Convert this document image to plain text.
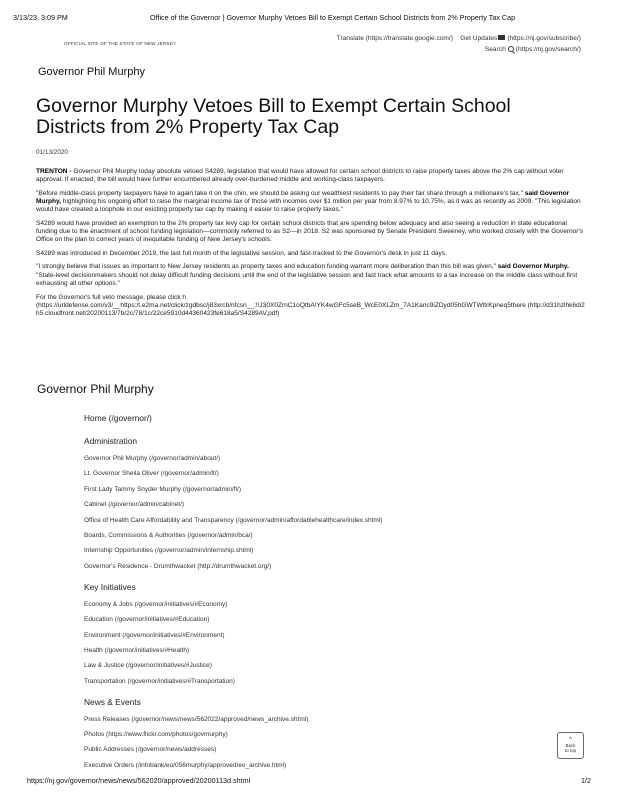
3/13/23, 3:09 PM	Office of the Governor | Governor Murphy Vetoes Bill to Exempt Certain School Districts from 2% Property Tax Cap
OFFICIAL SITE OF THE STATE OF NEW JERSEY
Translate (https://translate.google.com/) Get Updates (https://nj.gov/subscribe/)
Search (https://nj.gov/search/)
Governor Phil Murphy
Governor Murphy Vetoes Bill to Exempt Certain School Districts from 2% Property Tax Cap
01/13/2020

TRENTON - Governor Phil Murphy today absolute vetoed S4289, legislation that would have allowed for certain school districts to raise property taxes above the 2% cap without voter approval. If enacted, the bill would have further encumbered already over-burdened middle and working-class taxpayers.

"Before middle-class property taxpayers have to again take it on the chin, we should be asking our wealthiest residents to pay their fair share through a millionaire's tax," said Governor Murphy, highlighting his ongoing effort to raise the marginal income tax of those with incomes over $1 million per year from 8.97% to 10.75%, as it was as recently as 2009. "This legislation would have created a loophole in our existing property tax cap by making it easier to raise property taxes."

S4289 would have provided an exemption to the 2% property tax levy cap for certain school districts that are spending below adequacy and also seeing a reduction in state educational funding due to the enactment of school funding legislation—commonly referred to as S2—in 2018. S2 was sponsored by Senate President Sweeney, who worked closely with the Governor's Office on the plan to correct years of inequitable funding of New Jersey's schools.

S4289 was introduced in December 2019, the last full month of the legislative session, and fast-tracked to the Governor's desk in just 11 days.

"I strongly believe that issues as important to New Jersey residents as property taxes and education funding warrant more deliberation than this bill was given," said Governor Murphy. "State-level decisionmakers should not delay difficult funding decisions until the end of the legislative session and fast track what amounts to a tax increase on the middle class without first exhausting all other options."

For the Governor's full veto message, please click h
(https://urldefense.com/v3/__https:/t.e2ma.net/click/zgdbsc/j83xrcb/nfcsri__;!!J30X0ZrnC1oQtbA!YK4wGFc5seB_WcE0XLZm_7A1Kanc9iZDyd05hGWTWltrKpneq5there (http://d31hzlhk6di2h5.cloudfront.net/20200113/7b/2c/78/1c/22ce5910d44360423fe618a5/S4289AV.pdf)

Governor Phil Murphy
Home (/governor/)
Administration
Governor Phil Murphy (/governor/admin/about/)
Lt. Governor Sheila Oliver (/governor/admin/lt/)
First Lady Tammy Snyder Murphy (/governor/admin/fl/)
Cabinet (/governor/admin/cabinet/)
Office of Health Care Affordability and Transparency (/governor/admin/affordablehealthcare/index.shtml)
Boards, Commissions & Authorities (/governor/admin/bca/)
Internship Opportunities (/governor/admin/internship.shtml)
Governor's Residence - Drumthwacket (http://drumthwacket.org/)
Key Initiatives
Economy & Jobs (/governor/initiatives/#Economy)
Education (/governor/initiatives/#Education)
Environment (/governor/initiatives/#Environment)
Health (/governor/initiatives/#Health)
Law & Justice (/governor/initiatives/#Justice)
Transportation (/governor/initiatives/#Transportation)
News & Events
Press Releases (/governor/news/news/562022/approved/news_archive.shtml)
Photos (https://www.flickr.com/photos/govmurphy)
Public Addresses (/governor/news/addresses)
Executive Orders (/infobank/eo/056murphy/approved/eo_archive.html)
^
Back
to top
https://nj.gov/governor/news/news/562020/approved/20200113d.shtml	1/2
